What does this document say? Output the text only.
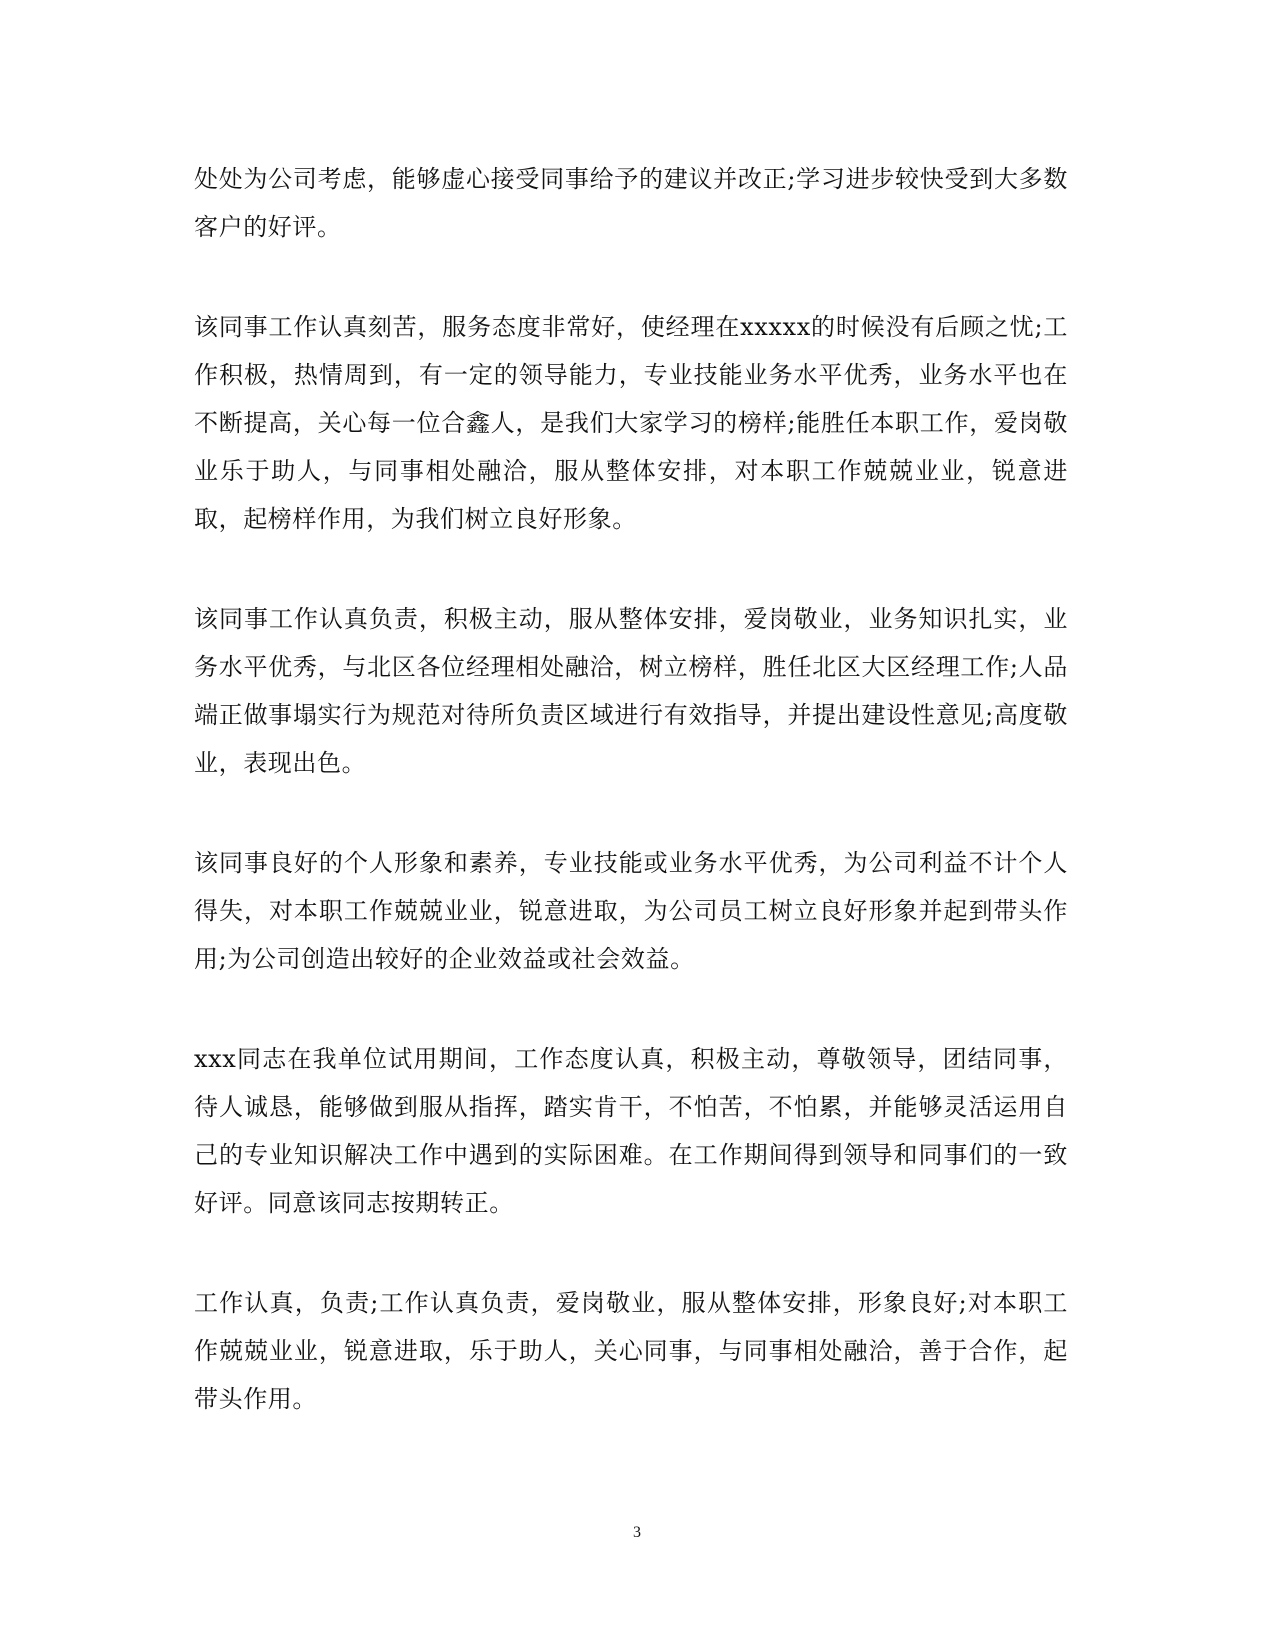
处处为公司考虑，能够虚心接受同事给予的建议并改正;学习进步较快受到大多数客户的好评。

该同事工作认真刻苦，服务态度非常好，使经理在xxxxx的时候没有后顾之忧;工作积极，热情周到，有一定的领导能力，专业技能业务水平优秀，业务水平也在不断提高，关心每一位合鑫人，是我们大家学习的榜样;能胜任本职工作，爱岗敬业乐于助人，与同事相处融洽，服从整体安排，对本职工作兢兢业业，锐意进取，起榜样作用，为我们树立良好形象。

该同事工作认真负责，积极主动，服从整体安排，爱岗敬业，业务知识扎实，业务水平优秀，与北区各位经理相处融洽，树立榜样，胜任北区大区经理工作;人品端正做事塌实行为规范对待所负责区域进行有效指导，并提出建设性意见;高度敬业，表现出色。

该同事良好的个人形象和素养，专业技能或业务水平优秀，为公司利益不计个人得失，对本职工作兢兢业业，锐意进取，为公司员工树立良好形象并起到带头作用;为公司创造出较好的企业效益或社会效益。

xxx同志在我单位试用期间，工作态度认真，积极主动，尊敬领导，团结同事，待人诚恳，能够做到服从指挥，踏实肯干，不怕苦，不怕累，并能够灵活运用自己的专业知识解决工作中遇到的实际困难。在工作期间得到领导和同事们的一致好评。同意该同志按期转正。

工作认真，负责;工作认真负责，爱岗敬业，服从整体安排，形象良好;对本职工作兢兢业业，锐意进取，乐于助人，关心同事，与同事相处融洽，善于合作，起带头作用。

3
